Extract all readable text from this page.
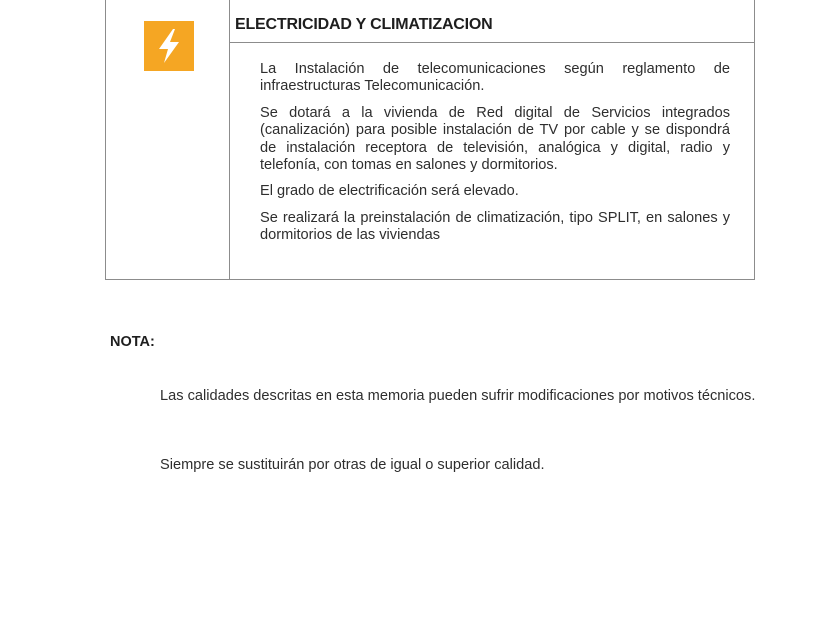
ELECTRICIDAD Y CLIMATIZACION

La Instalación de telecomunicaciones según reglamento de infraestructuras Telecomunicación.

Se dotará a la vivienda de Red digital de Servicios integrados (canalización) para posible instalación de TV por cable y se dispondrá de instalación receptora de televisión, analógica y digital, radio y telefonía, con tomas en salones y dormitorios.

El grado de electrificación será elevado.

Se realizará la preinstalación de climatización, tipo SPLIT, en salones y dormitorios de las viviendas

NOTA:

Las calidades descritas en esta memoria pueden sufrir modificaciones por motivos técnicos.

Siempre se sustituirán por otras de igual o superior calidad.
